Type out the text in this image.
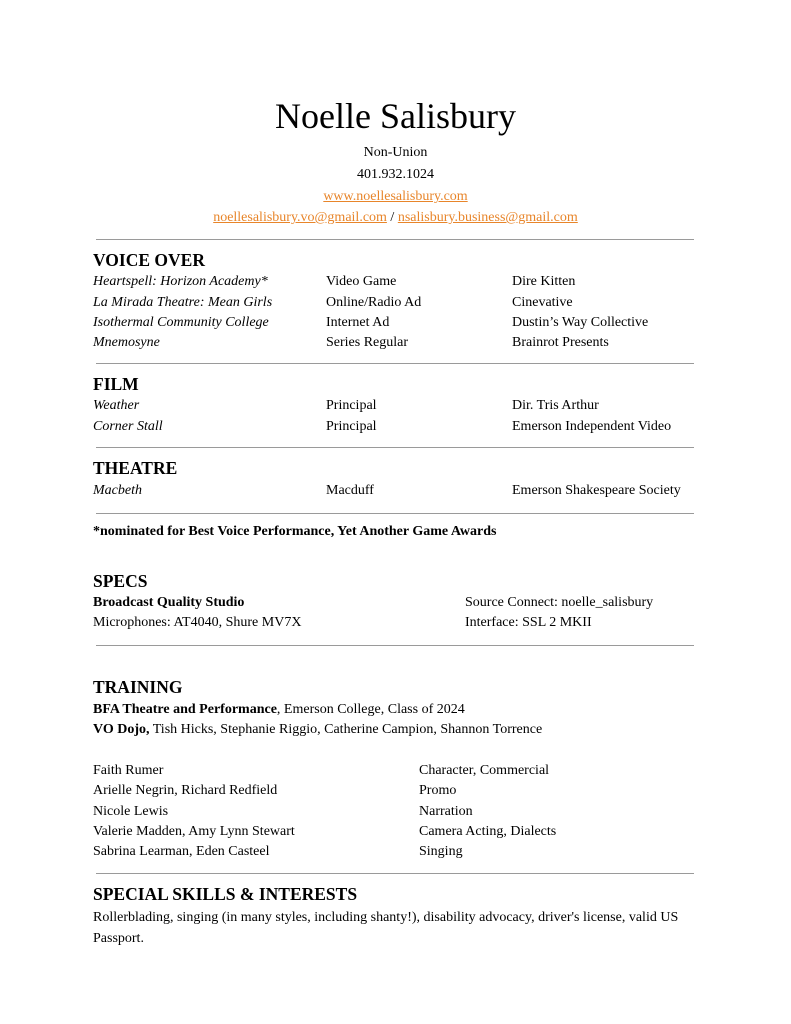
Noelle Salisbury
Non-Union
401.932.1024
www.noellesalisbury.com
noellesalisbury.vo@gmail.com / nsalisbury.business@gmail.com
VOICE OVER
Heartspell: Horizon Academy*	Video Game	Dire Kitten
La Mirada Theatre: Mean Girls	Online/Radio Ad	Cinevative
Isothermal Community College	Internet Ad	Dustin’s Way Collective
Mnemosyne	Series Regular	Brainrot Presents
FILM
Weather	Principal	Dir. Tris Arthur
Corner Stall	Principal	Emerson Independent Video
THEATRE
Macbeth	Macduff	Emerson Shakespeare Society
*nominated for Best Voice Performance, Yet Another Game Awards
SPECS
Broadcast Quality Studio	Source Connect: noelle_salisbury
Microphones: AT4040, Shure MV7X	Interface: SSL 2 MKII
TRAINING
BFA Theatre and Performance, Emerson College, Class of 2024
VO Dojo, Tish Hicks, Stephanie Riggio, Catherine Campion, Shannon Torrence
Faith Rumer	Character, Commercial
Arielle Negrin, Richard Redfield	Promo
Nicole Lewis	Narration
Valerie Madden, Amy Lynn Stewart	Camera Acting, Dialects
Sabrina Learman, Eden Casteel	Singing
SPECIAL SKILLS & INTERESTS
Rollerblading, singing (in many styles, including shanty!), disability advocacy, driver's license, valid US Passport.
